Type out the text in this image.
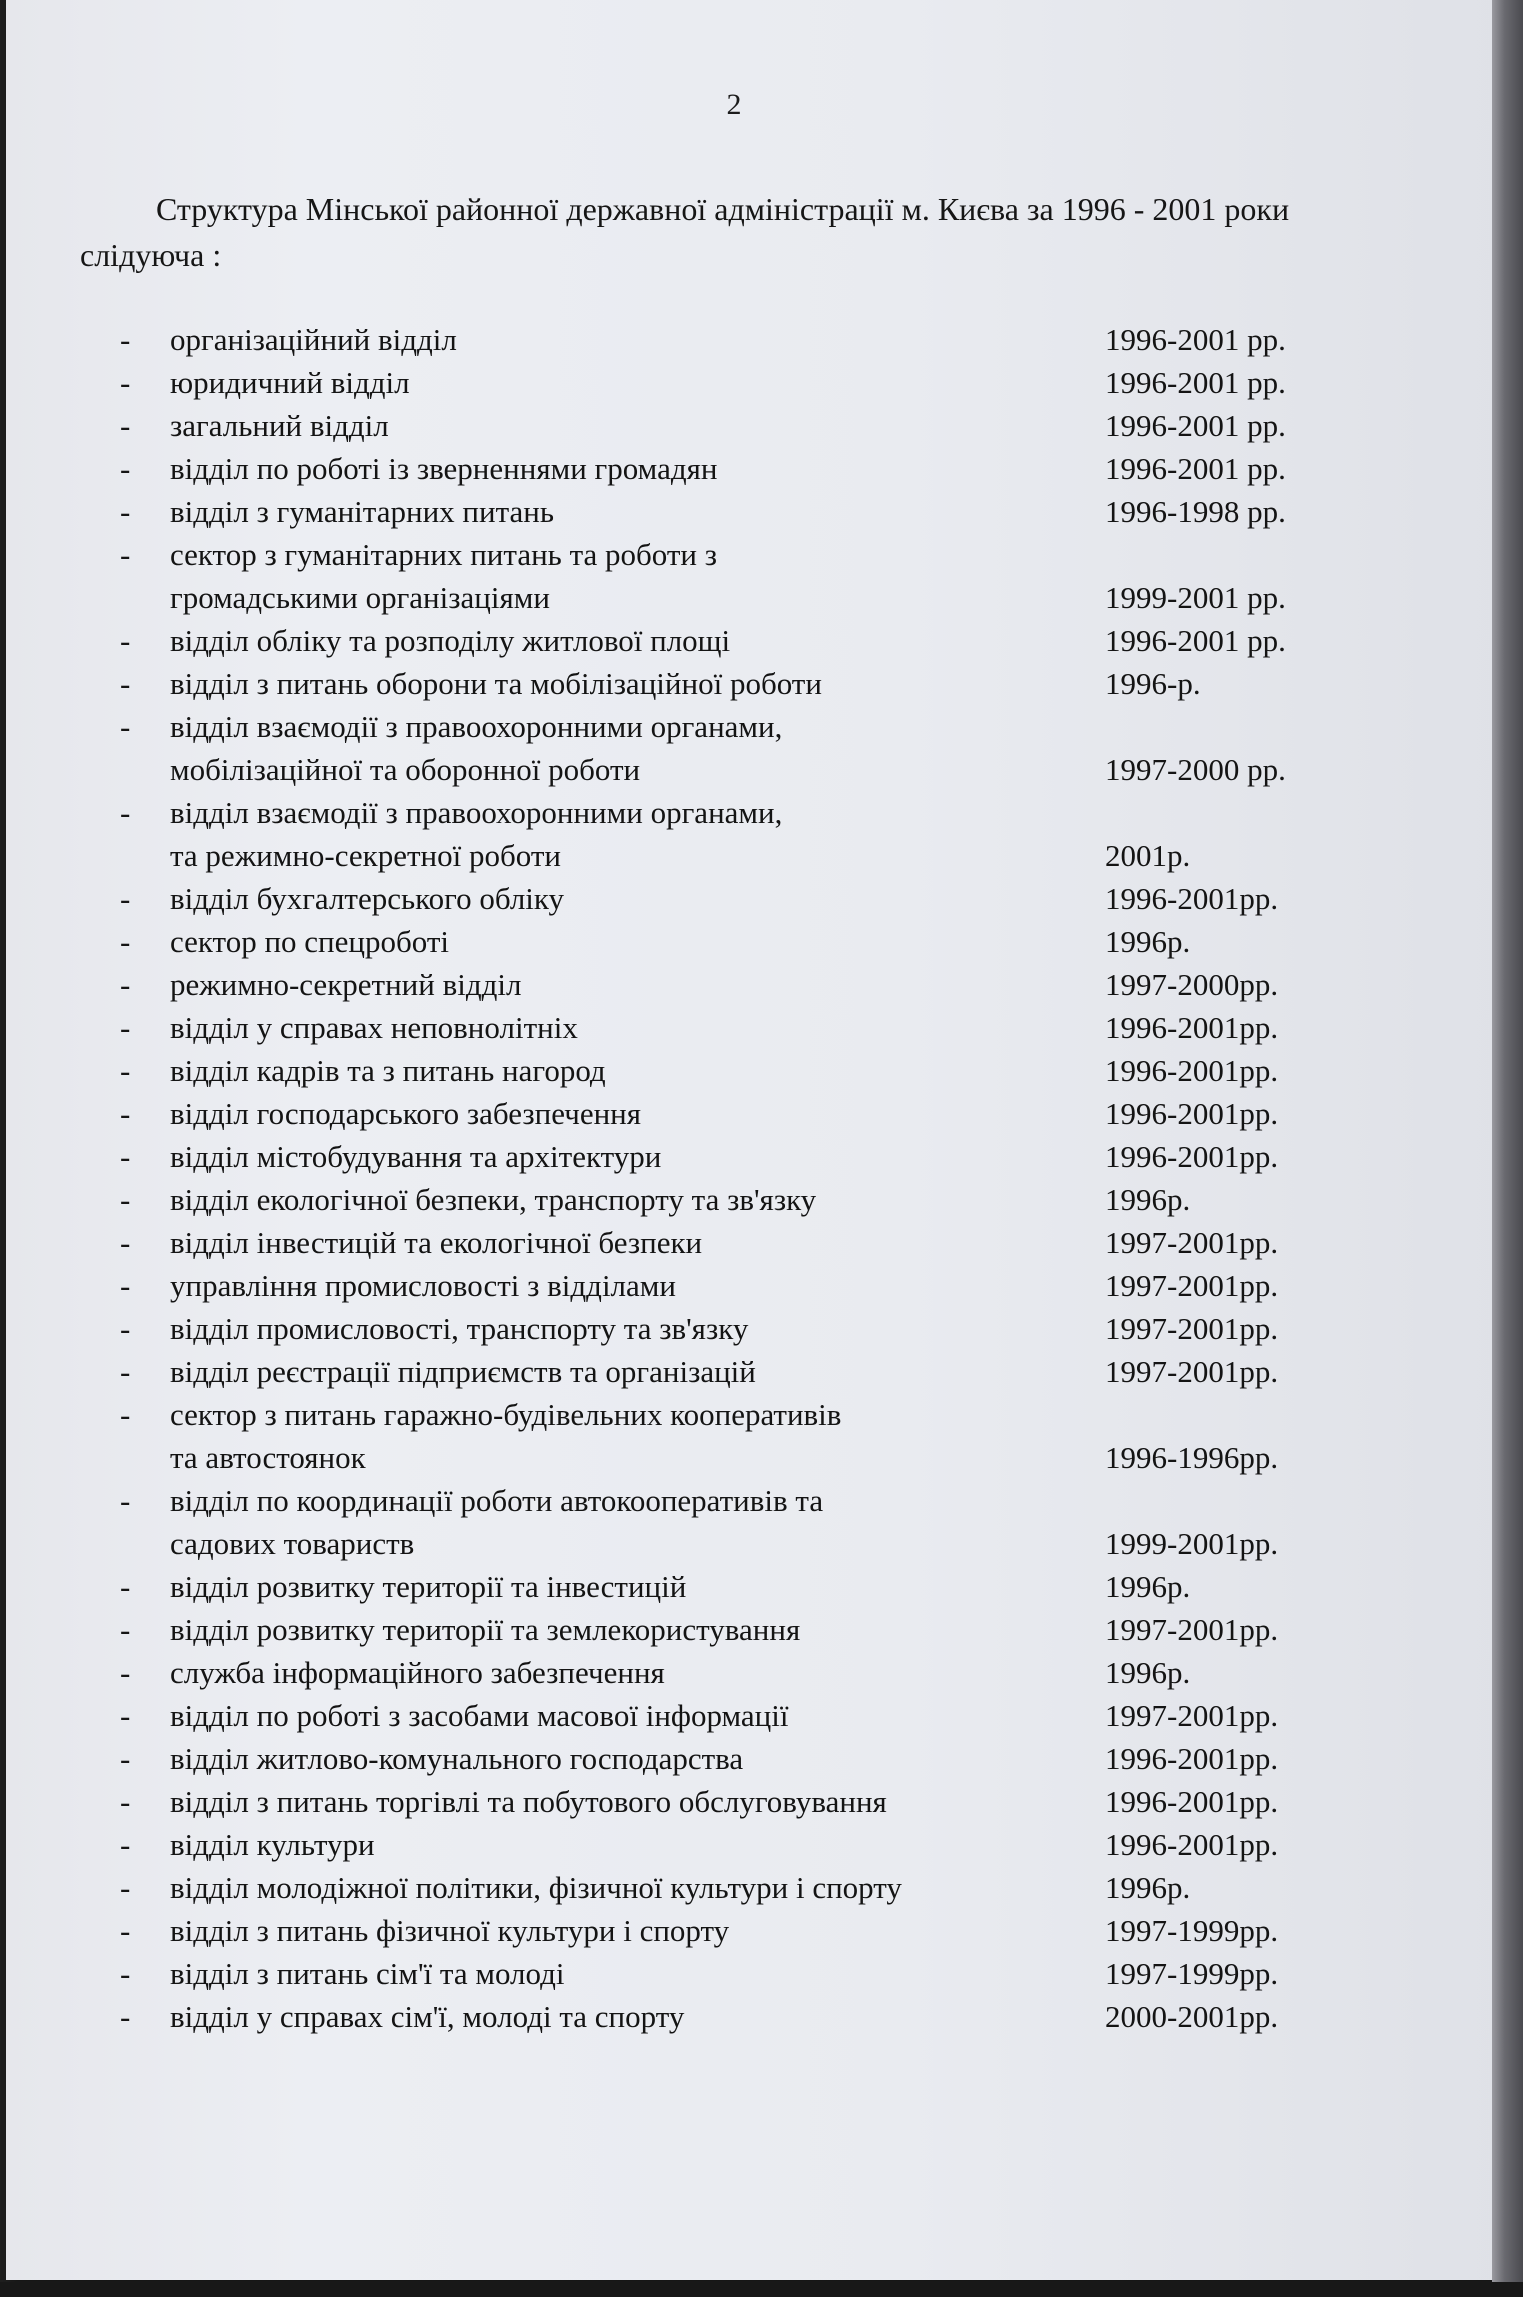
2
Структура Мінської районної державної адміністрації м. Києва за 1996 - 2001 роки слідуюча :
- організаційний відділ	1996-2001 рр.
- юридичний відділ	1996-2001 рр.
- загальний відділ	1996-2001 рр.
- відділ по роботі із зверненнями громадян	1996-2001 рр.
- відділ з гуманітарних питань	1996-1998 рр.
- сектор з гуманітарних питань та роботи з
громадськими організаціями	1999-2001 рр.
- відділ обліку та розподілу житлової площі	1996-2001 рр.
- відділ з питань оборони та мобілізаційної роботи	1996-р.
- відділ взаємодії з правоохоронними органами,
мобілізаційної та оборонної роботи	1997-2000 рр.
- відділ взаємодії з правоохоронними органами,
та режимно-секретної роботи	2001р.
- відділ бухгалтерського обліку	1996-2001рр.
- сектор по спецроботі	1996р.
- режимно-секретний відділ	1997-2000рр.
- відділ у справах неповнолітніх	1996-2001рр.
- відділ кадрів та з питань нагород	1996-2001рр.
- відділ господарського забезпечення	1996-2001рр.
- відділ містобудування та архітектури	1996-2001рр.
- відділ екологічної безпеки, транспорту та зв'язку	1996р.
- відділ інвестицій та екологічної безпеки	1997-2001рр.
- управління промисловості з відділами	1997-2001рр.
- відділ промисловості, транспорту та зв'язку	1997-2001рр.
- відділ реєстрації підприємств та організацій	1997-2001рр.
- сектор з питань гаражно-будівельних кооперативів
та автостоянок	1996-1996рр.
- відділ по координації роботи автокооперативів та
садових товариств	1999-2001рр.
- відділ розвитку території та інвестицій	1996р.
- відділ розвитку території та землекористування	1997-2001рр.
- служба інформаційного забезпечення	1996р.
- відділ по роботі з засобами масової інформації	1997-2001рр.
- відділ житлово-комунального господарства	1996-2001рр.
- відділ з питань торгівлі та побутового обслуговування	1996-2001рр.
- відділ культури	1996-2001рр.
- відділ молодіжної політики, фізичної культури і спорту	1996р.
- відділ з питань фізичної культури і спорту	1997-1999рр.
- відділ з питань сім'ї та молоді	1997-1999рр.
- відділ у справах сім'ї, молоді та спорту	2000-2001рр.
